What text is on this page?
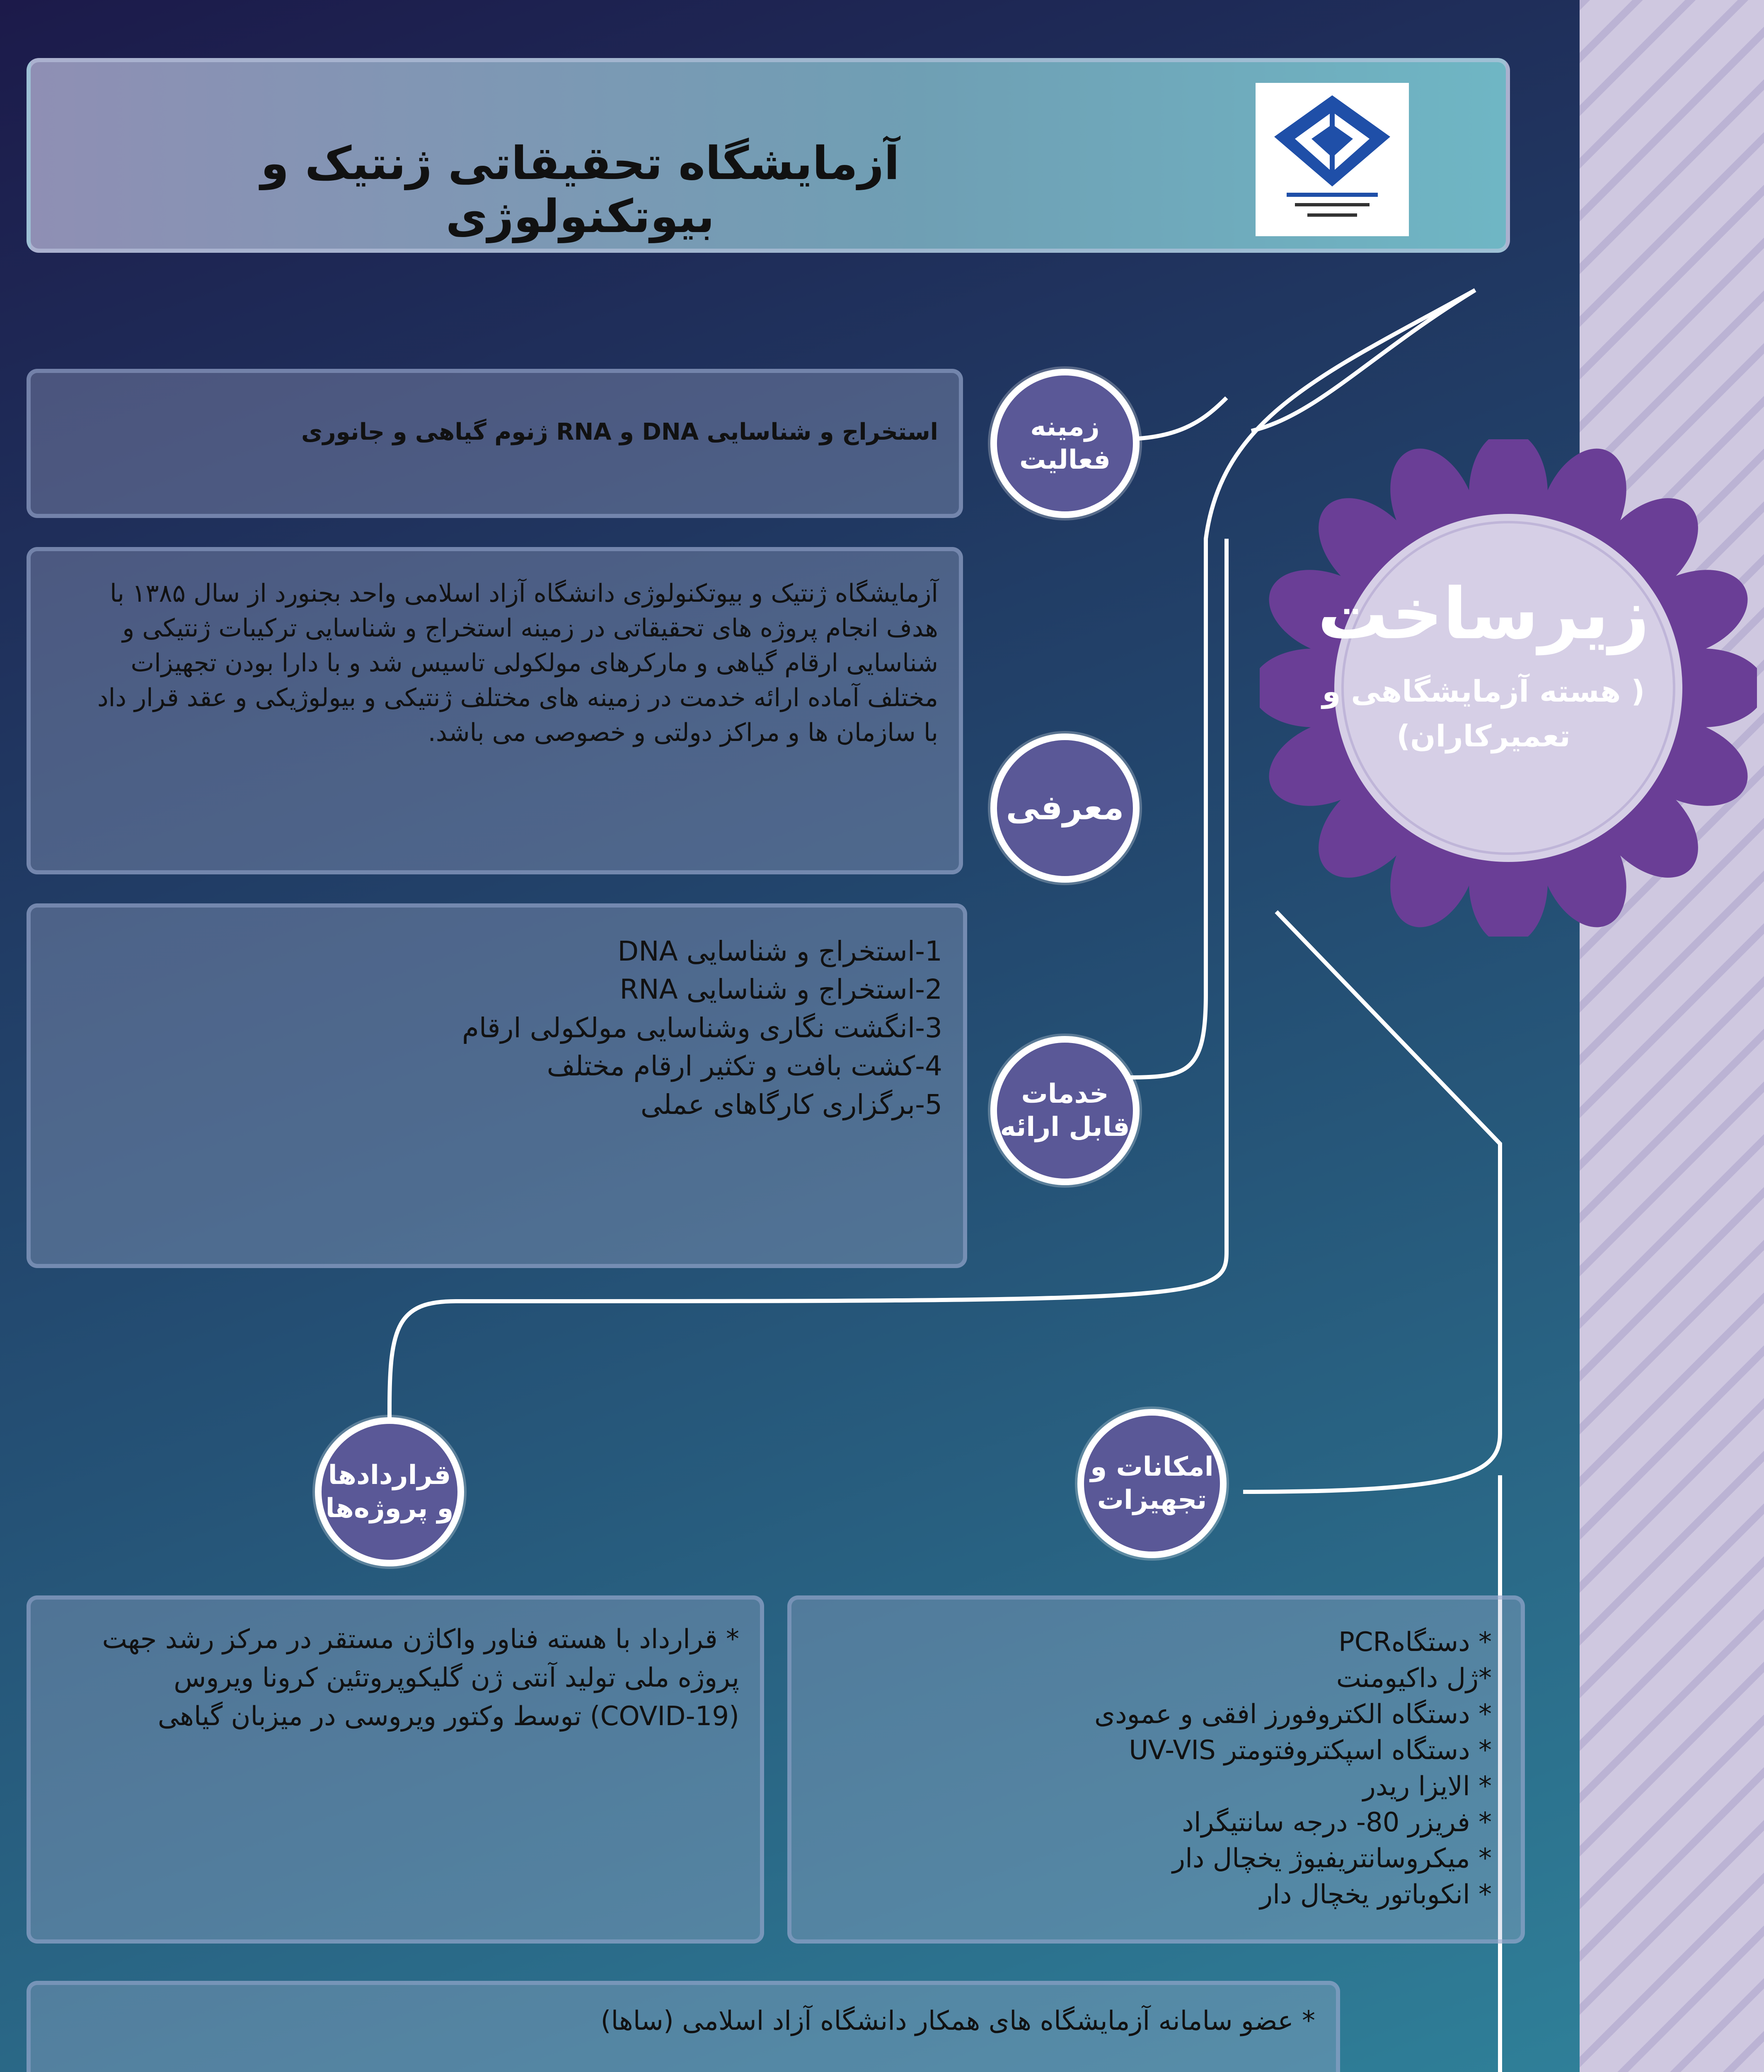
آزمایشگاه تحقیقاتی ژنتیک و بیوتکنولوژی
زیرساخت
( هسته آزمایشگاهی و تعمیرکاران)
استخراج و شناسایی DNA و RNA ژنوم گیاهی و جانوری	زمینه فعالیت
آزمایشگاه ژنتیک و بیوتکنولوژی دانشگاه آزاد اسلامی واحد بجنورد از سال ۱۳۸۵ با هدف انجام پروژه های تحقیقاتی در زمینه استخراج و شناسایی ترکیبات ژنتیکی و شناسایی ارقام گیاهی و مارکرهای مولکولی تاسیس شد و با دارا بودن تجهیزات مختلف آماده ارائه خدمت در زمینه های مختلف ژنتیکی و بیولوژیکی و عقد قرار داد با سازمان ها و مراکز دولتی و خصوصی می باشد.
معرفی
1-استخراج و شناسایی DNA
2-استخراج و شناسایی RNA
3-انگشت نگاری وشناسایی مولکولی ارقام
4-کشت بافت و تکثیر ارقام مختلف
5-برگزاری کارگاهای عملی	خدمات قابل ارائه
قراردادها و پروژه‌ها
امکانات و تجهیزات
* قرارداد با هسته فناور واکاژن مستقر در مرکز رشد جهت پروژه ملی تولید آنتی ژن گلیکوپروتئین کرونا ویروس (COVID-19) توسط وکتور ویروسی در میزبان گیاهی
* دستگاهPCR
*ژل داکیومنت
* دستگاه الکتروفورز افقی و عمودی
* دستگاه اسپکتروفتومتر UV-VIS
* الایزا ریدر
* فریزر 80- درجه سانتیگراد
* میکروسانتریفیوژ یخچال دار
* انکوباتور یخچال دار
* عضو سامانه آزمایشگاه های همکار دانشگاه آزاد اسلامی (ساها)
